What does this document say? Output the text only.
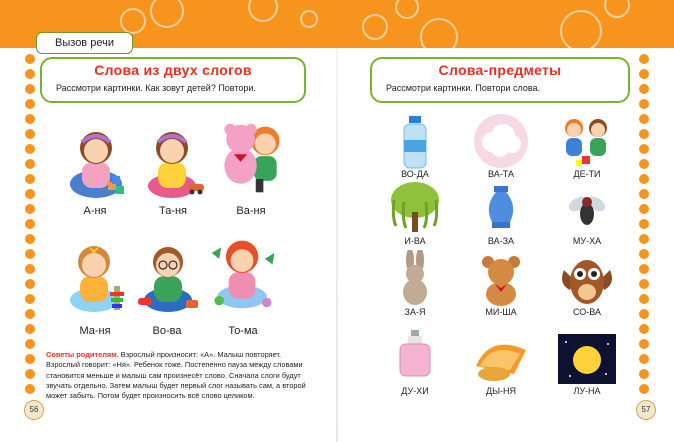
Вызов речи
Слова из двух слогов
Рассмотри картинки. Как зовут детей? Повтори.
А-ня	Та-ня	Ва-ня
Ма-ня	Во-ва	То-ма
Советы родителям. Взрослый произносит: «А». Малыш повторяет. Взрослый говорит: «Ня». Ребенок тоже. Постепенно пауза между словами становится меньше и малыш сам произнесёт слово. Сначала слоги будут звучать отдельно. Затем малыш будет первый слог называть сам, а второй может забыть. Потом будет произносить всё слово целиком.
56
Слова-предметы
Рассмотри картинки. Повтори слова.
ВО-ДА	ВА-ТА	ДЕ-ТИ
И-ВА	ВА-ЗА	МУ-ХА
ЗА-Я	МИ-ША	СО-ВА
ДУ-ХИ	ДЫ-НЯ	ЛУ-НА
57
